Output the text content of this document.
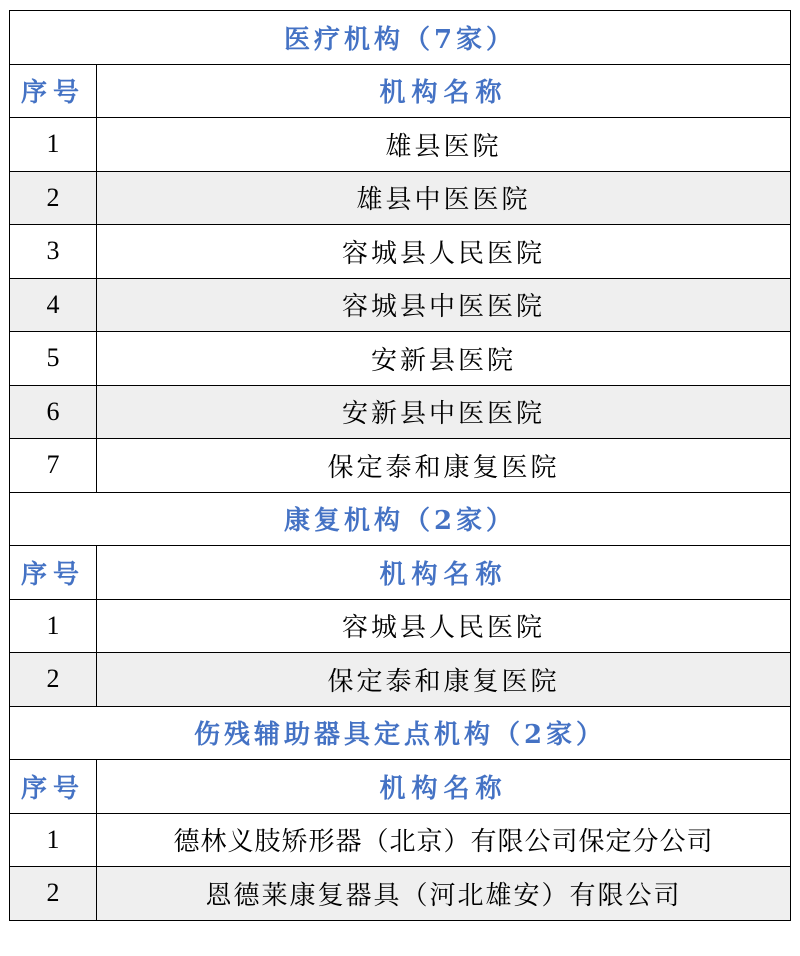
医疗机构（7家）	
序号	机构名称
1	雄县医院
2	雄县中医医院
3	容城县人民医院
4	容城县中医医院
5	安新县医院
6	安新县中医医院
7	保定泰和康复医院
康复机构（2家）	
序号	机构名称
1	容城县人民医院
2	保定泰和康复医院
伤残辅助器具定点机构（2家）	
序号	机构名称
1	德林义肢矫形器（北京）有限公司保定分公司
2	恩德莱康复器具（河北雄安）有限公司
